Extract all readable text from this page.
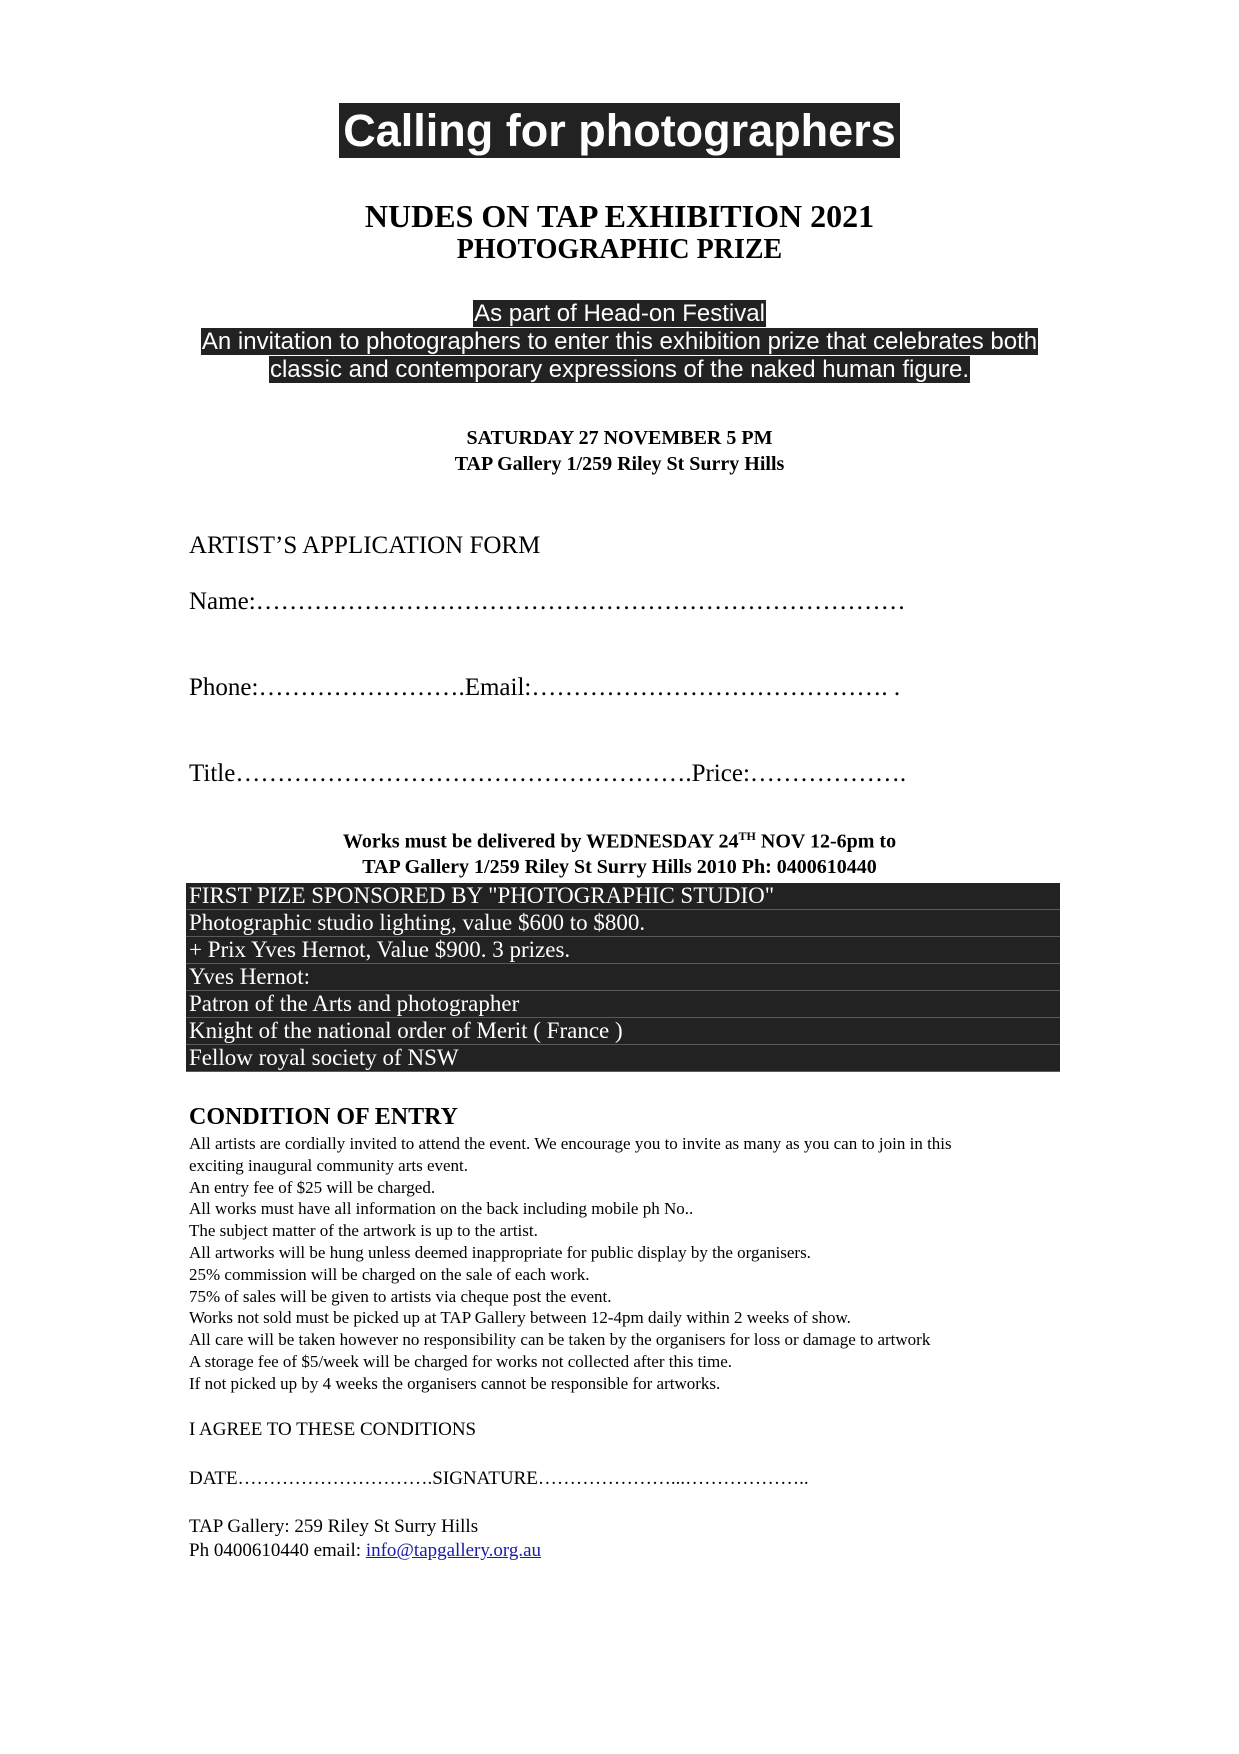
Calling for photographers
NUDES ON TAP EXHIBITION 2021
PHOTOGRAPHIC PRIZE
As part of Head-on Festival
An invitation to photographers to enter this exhibition prize that celebrates both
classic and contemporary expressions of the naked human figure.
SATURDAY 27 NOVEMBER 5 PM
TAP Gallery 1/259 Riley St Surry Hills
ARTIST’S APPLICATION FORM
Name:……………………………………………………………………
Phone:…………………….Email:……………………………………. .
Title……………………………………………….Price:……………….
Works must be delivered by WEDNESDAY 24TH NOV 12-6pm to
TAP Gallery 1/259 Riley St Surry Hills 2010 Ph: 0400610440
FIRST PIZE SPONSORED BY "PHOTOGRAPHIC STUDIO"
Photographic studio lighting, value $600 to $800.
+ Prix Yves Hernot, Value $900. 3 prizes.
Yves Hernot:
Patron of the Arts and photographer
Knight of the national order of Merit ( France )
Fellow royal society of NSW
CONDITION OF ENTRY
All artists are cordially invited to attend the event. We encourage you to invite as many as you can to join in this
exciting inaugural community arts event.
An entry fee of $25 will be charged.
All works must have all information on the back including mobile ph No..
The subject matter of the artwork is up to the artist.
All artworks will be hung unless deemed inappropriate for public display by the organisers.
25% commission will be charged on the sale of each work.
75% of sales will be given to artists via cheque post the event.
Works not sold must be picked up at TAP Gallery between 12-4pm daily within 2 weeks of show.
All care will be taken however no responsibility can be taken by the organisers for loss or damage to artwork
A storage fee of $5/week will be charged for works not collected after this time.
If not picked up by 4 weeks the organisers cannot be responsible for artworks.
I AGREE TO THESE CONDITIONS
DATE………………………….SIGNATURE…………………...………………..
TAP Gallery: 259 Riley St Surry Hills
Ph 0400610440 email: info@tapgallery.org.au
